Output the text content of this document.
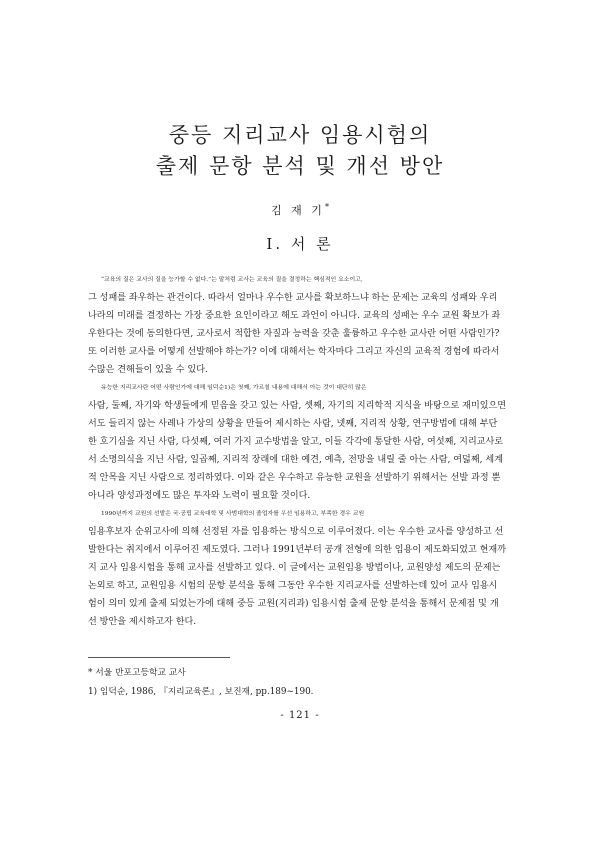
중등 지리교사 임용시험의
출제 문항 분석 및 개선 방안
김 재 기*
Ⅰ. 서 론
“교육의 질은 교사의 질을 능가할 수 없다.”는 말처럼 교사는 교육의 질을 결정하는 핵심적인 요소이고,
그 성패를 좌우하는 관건이다. 따라서 얼마나 우수한 교사를 확보하느냐 하는 문제는 교육의 성패와 우리
나라의 미래를 결정하는 가장 중요한 요인이라고 해도 과언이 아니다. 교육의 성패는 우수 교원 확보가 좌
우한다는 것에 동의한다면, 교사로서 적합한 자질과 능력을 갖춘 훌륭하고 우수한 교사란 어떤 사람인가?
또 이러한 교사를 어떻게 선발해야 하는가? 이에 대해서는 학자마다 그리고 자신의 교육적 경험에 따라서
수많은 견해들이 있을 수 있다.
유능한 지리교사란 어떤 사람인가에 대해 임덕순1)은 첫째, 가르칠 내용에 대해서 아는 것이 대단히 많은
사람, 둘째, 자기와 학생들에게 믿음을 갖고 있는 사람, 셋째, 자기의 지리학적 지식을 바탕으로 재미있으면
서도 들리지 않는 사례나 가상의 상황을 만들어 제시하는 사람, 넷째, 지리적 상황, 연구방법에 대해 부단
한 호기심을 지닌 사람, 다섯째, 여러 가지 교수방법을 알고, 이들 각각에 통달한 사람, 여섯째, 지리교사로
서 소명의식을 지닌 사람, 일곱째, 지리적 장래에 대한 예견, 예측, 전망을 내릴 줄 아는 사람, 여덟째, 세계
적 안목을 지닌 사람으로 정리하였다. 이와 같은 우수하고 유능한 교원을 선발하기 위해서는 선발 과정 뿐
아니라 양성과정에도 많은 투자와 노력이 필요할 것이다.
1990년까지 교원의 선발은 국·공립 교육대학 및 사범대학의 졸업자를 우선 임용하고, 부족한 경우 교원
임용후보자 순위고사에 의해 선정된 자를 임용하는 방식으로 이루어졌다. 이는 우수한 교사를 양성하고 선
발한다는 취지에서 이루어진 제도였다. 그러나 1991년부터 공개 전형에 의한 임용이 제도화되었고 현재까
지 교사 임용시험을 통해 교사를 선발하고 있다. 이 글에서는 교원임용 방법이나, 교원양성 제도의 문제는
논외로 하고, 교원임용 시험의 문항 분석을 통해 그동안 우수한 지리교사를 선발하는데 있어 교사 임용시
험이 의미 있게 출제 되었는가에 대해 중등 교원(지리과) 임용시험 출제 문항 분석을 통해서 문제점 및 개
선 방안을 제시하고자 한다.
* 서울 반포고등학교 교사
1) 임덕순, 1986, 『지리교육론』, 보진재, pp.189~190.
- 121 -
